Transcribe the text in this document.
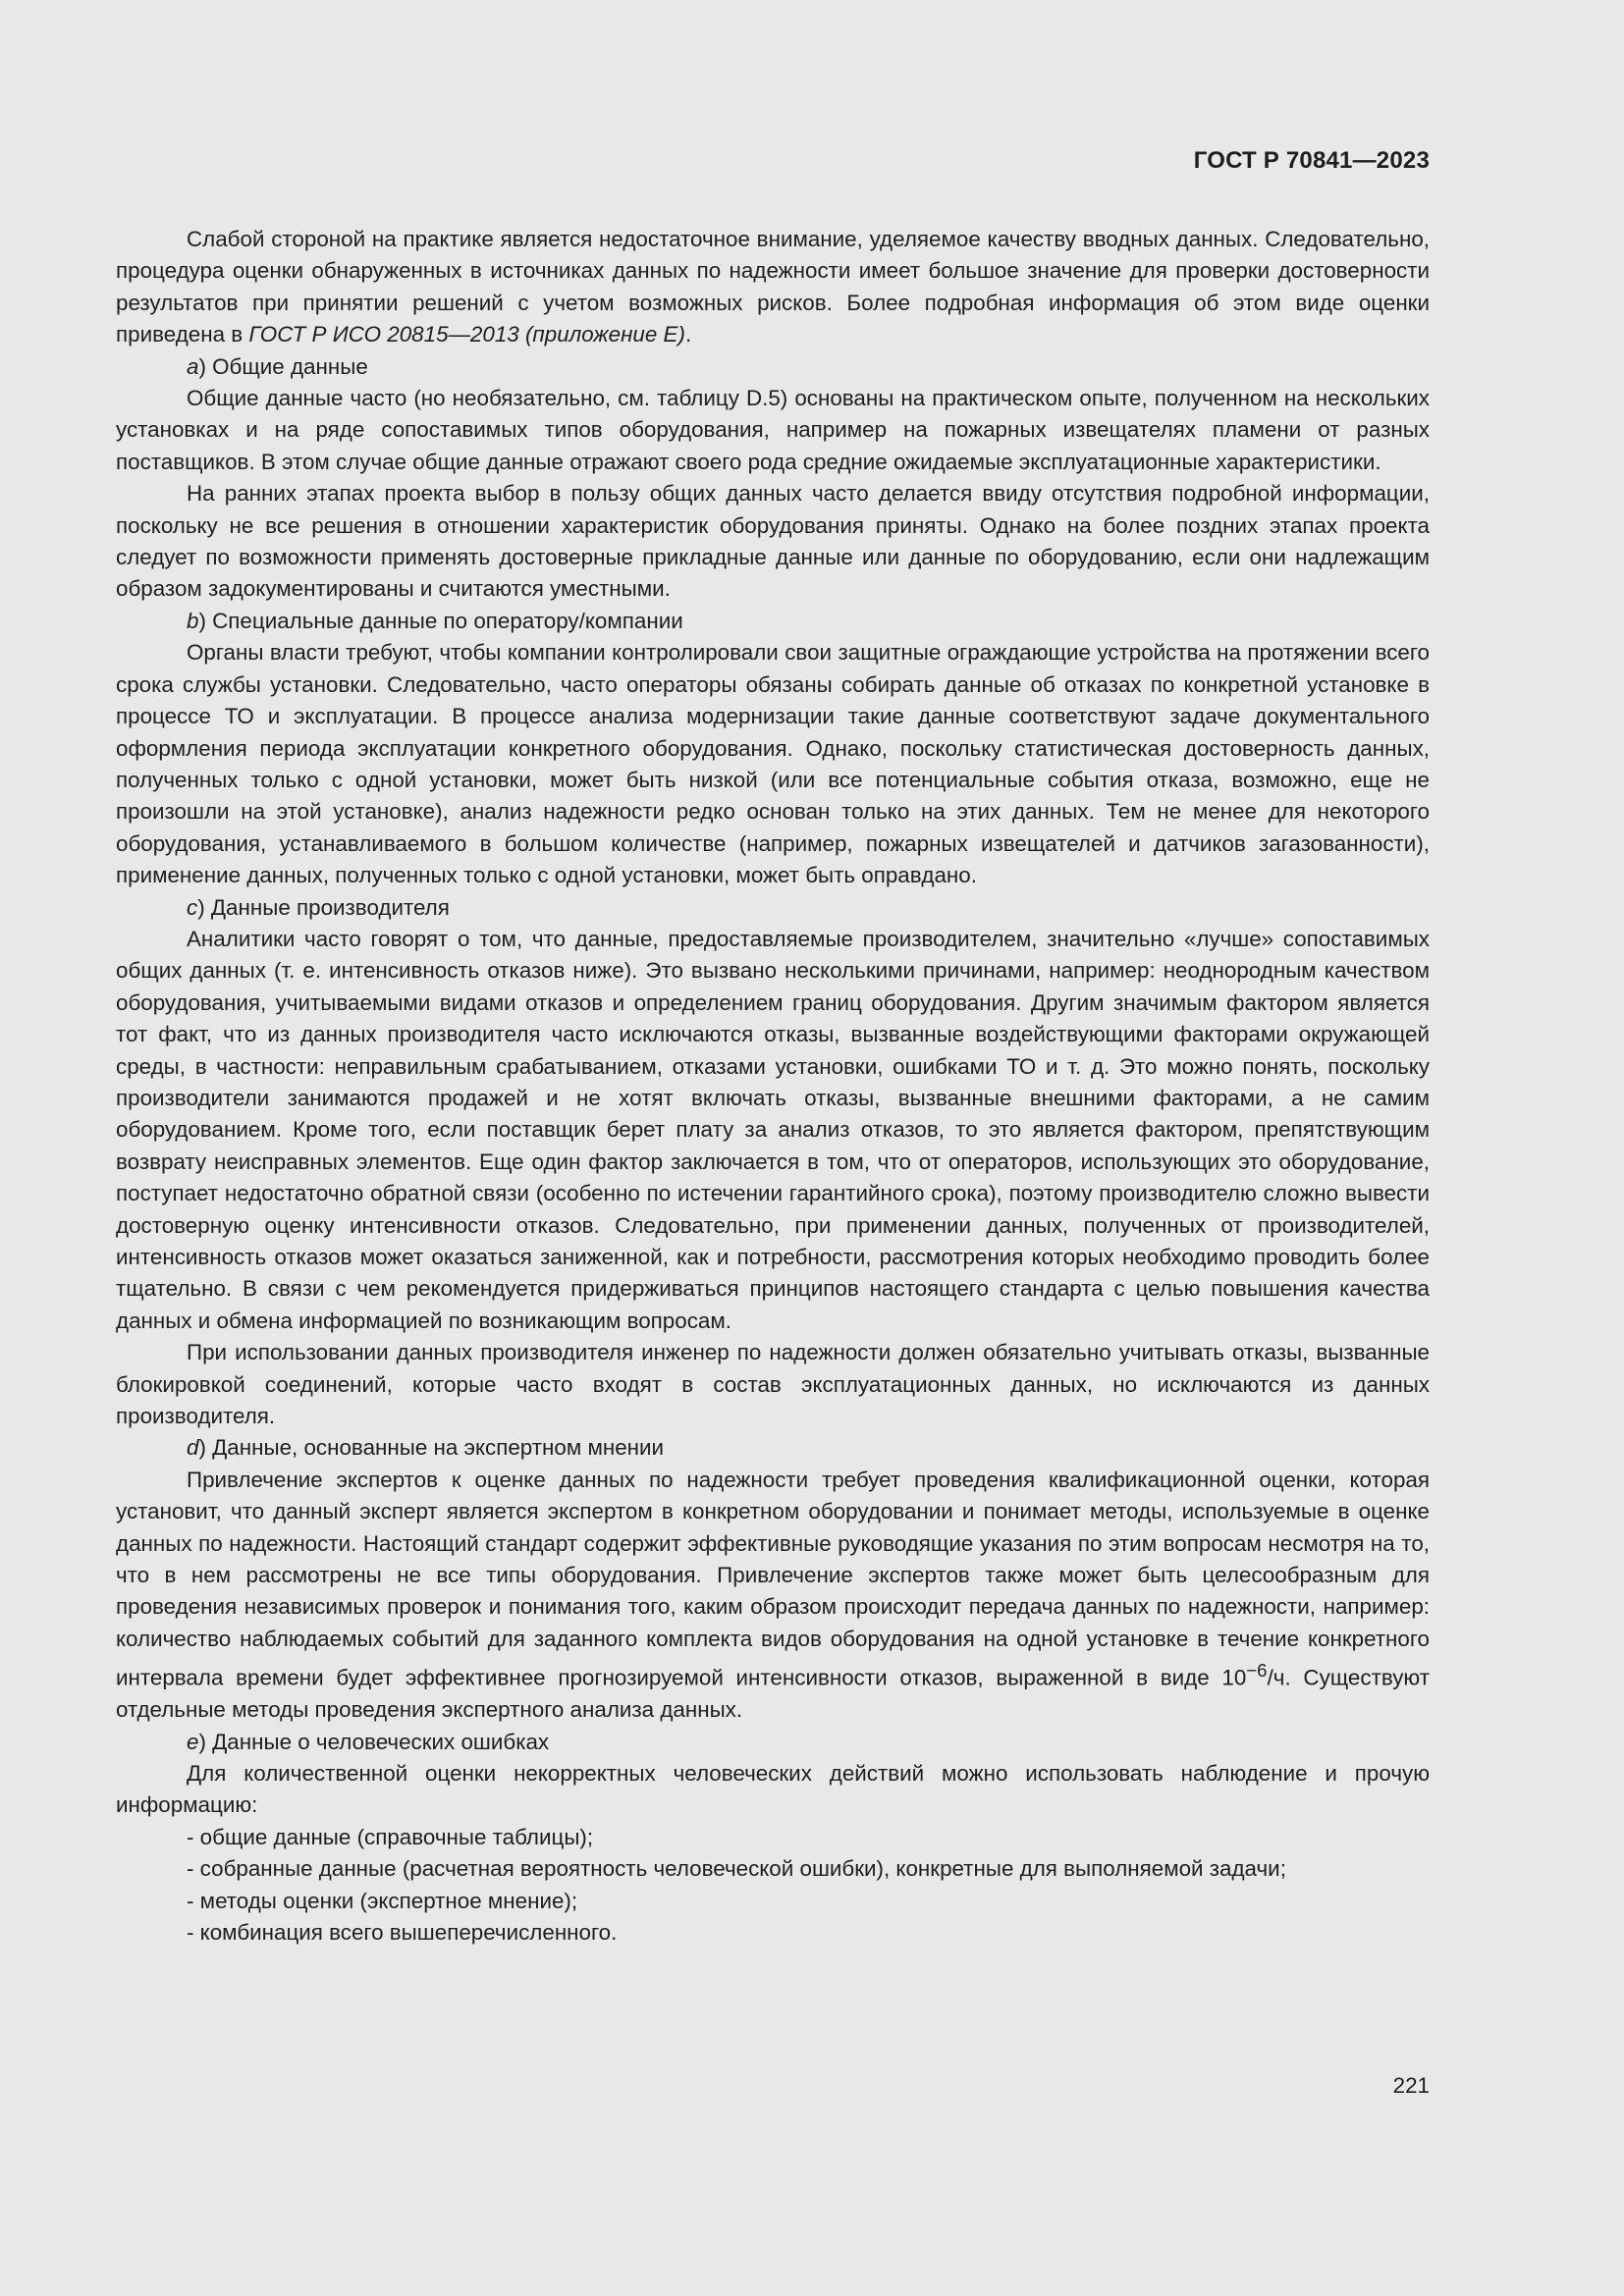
ГОСТ Р 70841—2023

Слабой стороной на практике является недостаточное внимание, уделяемое качеству вводных данных. Следовательно, процедура оценки обнаруженных в источниках данных по надежности имеет большое значение для проверки достоверности результатов при принятии решений с учетом возможных рисков. Более подробная информация об этом виде оценки приведена в ГОСТ Р ИСО 20815—2013 (приложение Е).

a) Общие данные

Общие данные часто (но необязательно, см. таблицу D.5) основаны на практическом опыте, полученном на нескольких установках и на ряде сопоставимых типов оборудования, например на пожарных извещателях пламени от разных поставщиков. В этом случае общие данные отражают своего рода средние ожидаемые эксплуатационные характеристики.

На ранних этапах проекта выбор в пользу общих данных часто делается ввиду отсутствия подробной информации, поскольку не все решения в отношении характеристик оборудования приняты. Однако на более поздних этапах проекта следует по возможности применять достоверные прикладные данные или данные по оборудованию, если они надлежащим образом задокументированы и считаются уместными.

b) Специальные данные по оператору/компании

Органы власти требуют, чтобы компании контролировали свои защитные ограждающие устройства на протяжении всего срока службы установки. Следовательно, часто операторы обязаны собирать данные об отказах по конкретной установке в процессе ТО и эксплуатации. В процессе анализа модернизации такие данные соответствуют задаче документального оформления периода эксплуатации конкретного оборудования. Однако, поскольку статистическая достоверность данных, полученных только с одной установки, может быть низкой (или все потенциальные события отказа, возможно, еще не произошли на этой установке), анализ надежности редко основан только на этих данных. Тем не менее для некоторого оборудования, устанавливаемого в большом количестве (например, пожарных извещателей и датчиков загазованности), применение данных, полученных только с одной установки, может быть оправдано.

c) Данные производителя

Аналитики часто говорят о том, что данные, предоставляемые производителем, значительно «лучше» сопоставимых общих данных (т. е. интенсивность отказов ниже). Это вызвано несколькими причинами, например: неоднородным качеством оборудования, учитываемыми видами отказов и определением границ оборудования. Другим значимым фактором является тот факт, что из данных производителя часто исключаются отказы, вызванные воздействующими факторами окружающей среды, в частности: неправильным срабатыванием, отказами установки, ошибками ТО и т. д. Это можно понять, поскольку производители занимаются продажей и не хотят включать отказы, вызванные внешними факторами, а не самим оборудованием. Кроме того, если поставщик берет плату за анализ отказов, то это является фактором, препятствующим возврату неисправных элементов. Еще один фактор заключается в том, что от операторов, использующих это оборудование, поступает недостаточно обратной связи (особенно по истечении гарантийного срока), поэтому производителю сложно вывести достоверную оценку интенсивности отказов. Следовательно, при применении данных, полученных от производителей, интенсивность отказов может оказаться заниженной, как и потребности, рассмотрения которых необходимо проводить более тщательно. В связи с чем рекомендуется придерживаться принципов настоящего стандарта с целью повышения качества данных и обмена информацией по возникающим вопросам.

При использовании данных производителя инженер по надежности должен обязательно учитывать отказы, вызванные блокировкой соединений, которые часто входят в состав эксплуатационных данных, но исключаются из данных производителя.

d) Данные, основанные на экспертном мнении

Привлечение экспертов к оценке данных по надежности требует проведения квалификационной оценки, которая установит, что данный эксперт является экспертом в конкретном оборудовании и понимает методы, используемые в оценке данных по надежности. Настоящий стандарт содержит эффективные руководящие указания по этим вопросам несмотря на то, что в нем рассмотрены не все типы оборудования. Привлечение экспертов также может быть целесообразным для проведения независимых проверок и понимания того, каким образом происходит передача данных по надежности, например: количество наблюдаемых событий для заданного комплекта видов оборудования на одной установке в течение конкретного интервала времени будет эффективнее прогнозируемой интенсивности отказов, выраженной в виде $10^{-6}/ч$. Существуют отдельные методы проведения экспертного анализа данных.

e) Данные о человеческих ошибках

Для количественной оценки некорректных человеческих действий можно использовать наблюдение и прочую информацию:

- общие данные (справочные таблицы);

- собранные данные (расчетная вероятность человеческой ошибки), конкретные для выполняемой задачи;

- методы оценки (экспертное мнение);

- комбинация всего вышеперечисленного.

221
